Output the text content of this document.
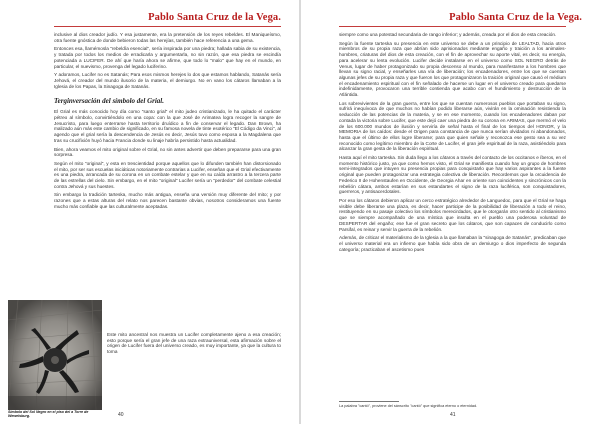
Pablo Santa Cruz de la Vega.

inclusive al dios creador judío. Y esa justamente, era la pretensión de los reyes rebeldes. El Maniqueísmo, otra fuente gnóstica de donde bebieron todas las herejías, también hace referencia a una gema.

Entonces esa, llamémosla "rebeldía esencial", sería inspirada por una piedra; hallada sabia de su existencia, y tratada por todos los medios de erradicarla y argumentarla, no sin razón, que esa piedra se escindía potenciada a LUCIFER. De ahí que haría ahora se afirme, que todo lo "malo" que hay en el mundo, en particular, el nuevismo, provenga del legado luciferino.

Y adoramos, Lucifer no es Satanás; Para esos mismos herejes lo dos que estamos hablando, Satanás sería Jehová, el creador del mundo ilusorio de la materia, el demiurgo. No en vano los cátaros llamaban a la Iglesia de los Papas, la Sinagoga de Satanás.

Terginversación del símbolo del Grial.

El Grial es más conocido hoy día como "santo grial" el mito judeo cristianizado, le ha quitado el carácter pétreo al símbolo, convirtiéndolo en una copa: con la que José de Arimatea logra recoger la sangre de Jesucristo, para luego enterrarse hasta territorio druídico a fin de conservar el legado. Dan Brown, ha malizado aún más este cambio de significado, en su famosa novela de tinte esotérico "El Código da Vinci", al agendo que el grial sería la descendencia de Jesús ex decir, Jesús tuvo como esposa a la Magdalena que tras su crucifixión huyó hacia Francia donde su linaje habría persistido hasta actualidad.

Bien, ahora veamos el mito original sobre el Grial, no sin antes advertir que deben prepararse para una gran sorpresa.

Según el mito "original", y esta en trescientidad porque aquellos que lo difunden también han distorsionado el mito, por ser sus escuelas iniciáticas notoriamente contrarias a Lucifer, enseñan que el Grial efectivamente es una piedra, arrancada de su corona en un combate estelar y que en su caída arrastro a la tercera parte de las estrellas del cielo. Sin embargo, en el mito "original" Lucifer sería un "perdedor" del combate celestial contra Jehová y sus huestes.

Sin embargo la tradición tarteska, mucho más antigua, enseña una versión muy diferente del mito; y por razones que a estas alturas del relato nos parecen bastante obvias, nosotros consideramos una fuente mucho más confiable que las culturalmente aceptadas.

Símbolo del Sol Negro en el piso del a Torre de Wewelsburg.

Este mito ancestral nos muestra un Lucifer completamente ajeno a esa creación; esto porque sería el gran jefe de una raza extrauniversal, esta afirmación sobre el origen de Lucifer fuera del universo creado, es muy importante, ya que la cultura to toma

40
Pablo Santa Cruz de la Vega.

siempre como una potestad secundaria de rango inferior; y además, creada por el dios de esta creación.

Según la fuente tarteska su presencia en este universo se debe a un principio de LEALTAD, hacia otros miembros de su propia raza que abrían sido aprisionados mediante engaño y traición a los animales-hombres, criaturas del dios de esta creación, con el fin de aprovechar su aporte vital, es decir, su energía, para acelerar su lenta evolución. Lucifer decide instalarse en el universo como SOL NEGRO detrás de Venus, lugar de haber protagonizado su propia descenso al mundo, para manifestarse a los hombres que llevan su signo racial, y enseñarles una vía de liberación; los encadenadores, entre los que se cuentan algunas jefes de su propia raza y que fueron los que protagonizaron la traición original que causó el médium el encadenamiento espiritual con el fin señalado de hacerse un lugar en el universo creado para quedarse indefinidamente, provocaron una terrible contienda que acabo con el hundimiento y destrucción de la Atlántida.

Los sobrevivientes de la gran guerra, entre los que se cuentan numerosos pueblos que portaban su signo, sufrirá inequívoca de que muchos no habían podido liberarse aún, vivirán en la ominación resistiendo la seducción de las potencias de la materia, y se en ese momento, cuando los encadenadores daban por contada la victoria sobre Lucifer, que este dejó caer una piedra de su corona en ARIMAS, que mermó el velo de los 600.000 mundos de ilusión y serviría de señal hasta el final de los tiempos del HONOR, y la MEMORIA de los caídos: desde el Origen para constancia de que nunca serían olvidados ni abandonados, hasta que el último de ellos logre liberarse; para que quien señale y reconozca ese gesto sea a su vez reconocido como legítimo miembro de la Corte de Lucifer, el gran jefe espiritual de la raza, asistiéndolo para alcanzar la gran gesta de la liberación espiritual.

Hasta aquí el mito tarteska. Sin duda llego a los cátaros a través del contacto de los occitanos e íberos, en el momento histórico justo, ya que como hemos visto, el Grial se manifiesta cuando hay un grupo de hombres semi-integrados que intuyen su presencia propias para conquistarlo que hay varios aspirantes a la fuente original que pueden protagonizar una estrategia colectiva de liberación. Recordemos que la orcuidencia de Federico II de Hohenstaufen en Occidente, de Georgia Ahar en oriente son coincidentes y sincrónicos con la rebelión cátara, ambos estarían en sus estandartes el signo de la raza luciférica, son conquistadores, guerreros, y antisacerdotales.

Por eso los cátaros debieron aplicar un cerco estratégico alrededor de Languedoc, para que el Grial se haga visible debe liberarse una plaza, es decir, hacer participe de la posibilidad de liberación a todo el reino, restituyendo en su pasaje colectivo los símbolos merecirdados, que le otorgarán otro sentido al cristianismo que se siempre acompañado de una mística que insulta en el pueblo una poderosa voluntad de DESPERTAR del engaño; ese fue el gran secreto que los cátaros, que son capaces de conducirlo como Parsifal, es reinar y servir la guerra de la rebelión.

Además, de criticar el materialismo de la Iglesia a la que llamaban la "sinagoga de Satanás", predicaban que el universo material era un infierno que había sido obra de un demiurgo o dios imperfecto de segunda categoría; practicaban el ascetismo pues

La palabra "cantó", proviene del sánscrito "cantó" que significa eterno o eternidad.
41
